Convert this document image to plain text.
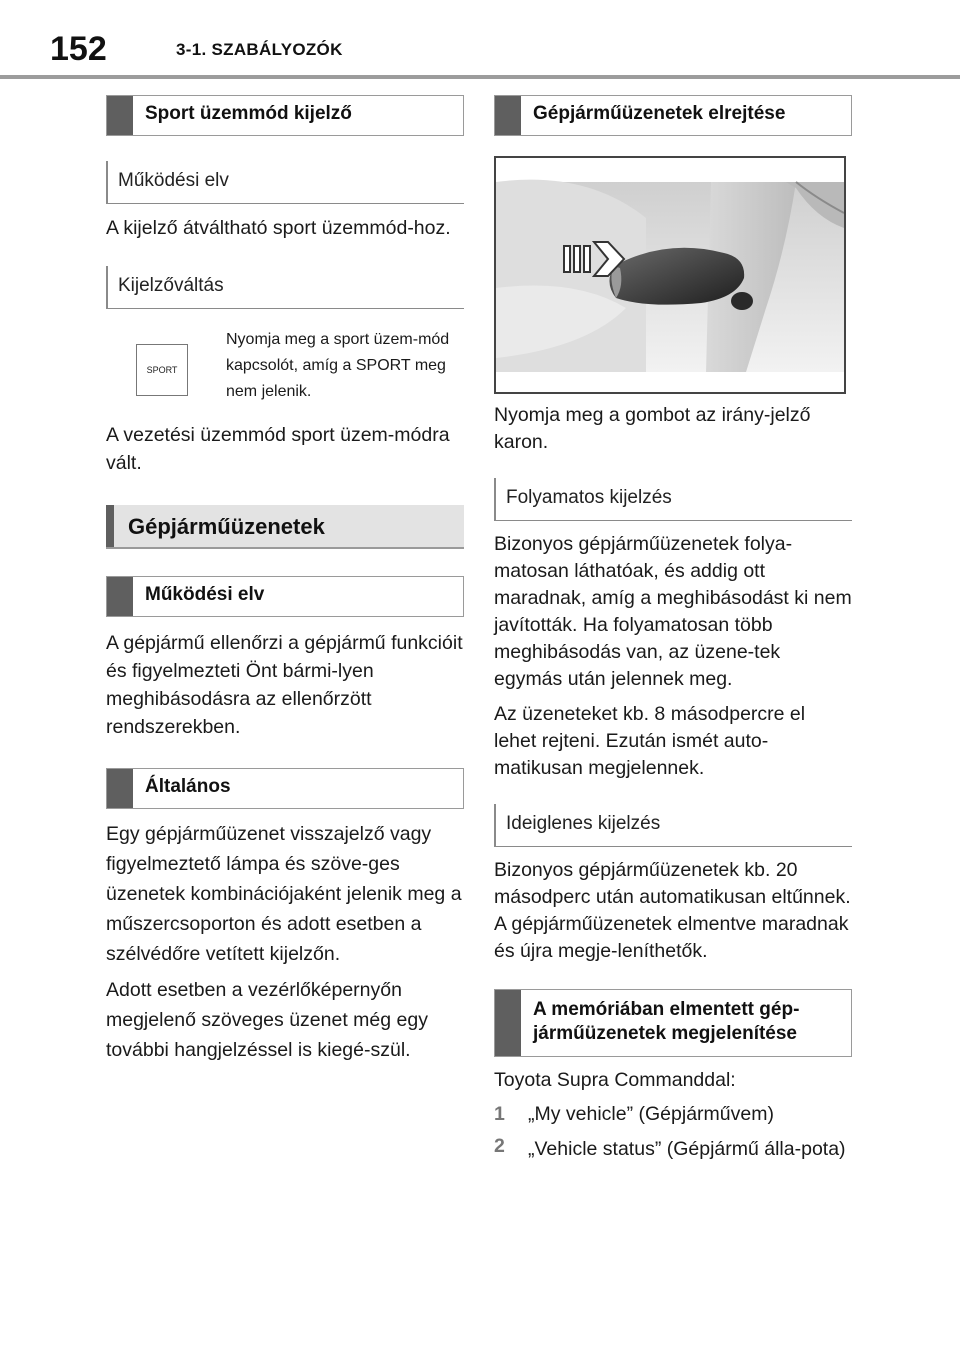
152	3-1. SZABÁLYOZÓK
Sport üzemmód kijelző
Működési elv

A kijelző átváltható sport üzemmód-hoz.

Kijelzőváltás
SPORT
Nyomja meg a sport üzem-mód kapcsolót, amíg a SPORT meg nem jelenik.

A vezetési üzemmód sport üzem-módra vált.

Gépjárműüzenetek
Működési elv

A gépjármű ellenőrzi a gépjármű funkcióit és figyelmezteti Önt bármi-lyen meghibásodásra az ellenőrzött rendszerekben.

Általános

Egy gépjárműüzenet visszajelző vagy figyelmeztető lámpa és szöve-ges üzenetek kombinációjaként jelenik meg a műszercsoporton és adott esetben a szélvédőre vetített kijelzőn.

Adott esetben a vezérlőképernyőn megjelenő szöveges üzenet még egy további hangjelzéssel is kiegé-szül.

Gépjárműüzenetek elrejtése

Nyomja meg a gombot az irány-jelző karon.

Folyamatos kijelzés

Bizonyos gépjárműüzenetek folya-matosan láthatóak, és addig ott maradnak, amíg a meghibásodást ki nem javították. Ha folyamatosan több meghibásodás van, az üzene-tek egymás után jelennek meg.

Az üzeneteket kb. 8 másodpercre el lehet rejteni. Ezután ismét auto-matikusan megjelennek.

Ideiglenes kijelzés

Bizonyos gépjárműüzenetek kb. 20 másodperc után automatikusan eltűnnek. A gépjárműüzenetek elmentve maradnak és újra megje-leníthetők.

A memóriában elmentett gép-járműüzenetek megjelenítése

Toyota Supra Commanddal:

1	„My vehicle” (Gépjárművem)
2	„Vehicle status” (Gépjármű álla-pota)
